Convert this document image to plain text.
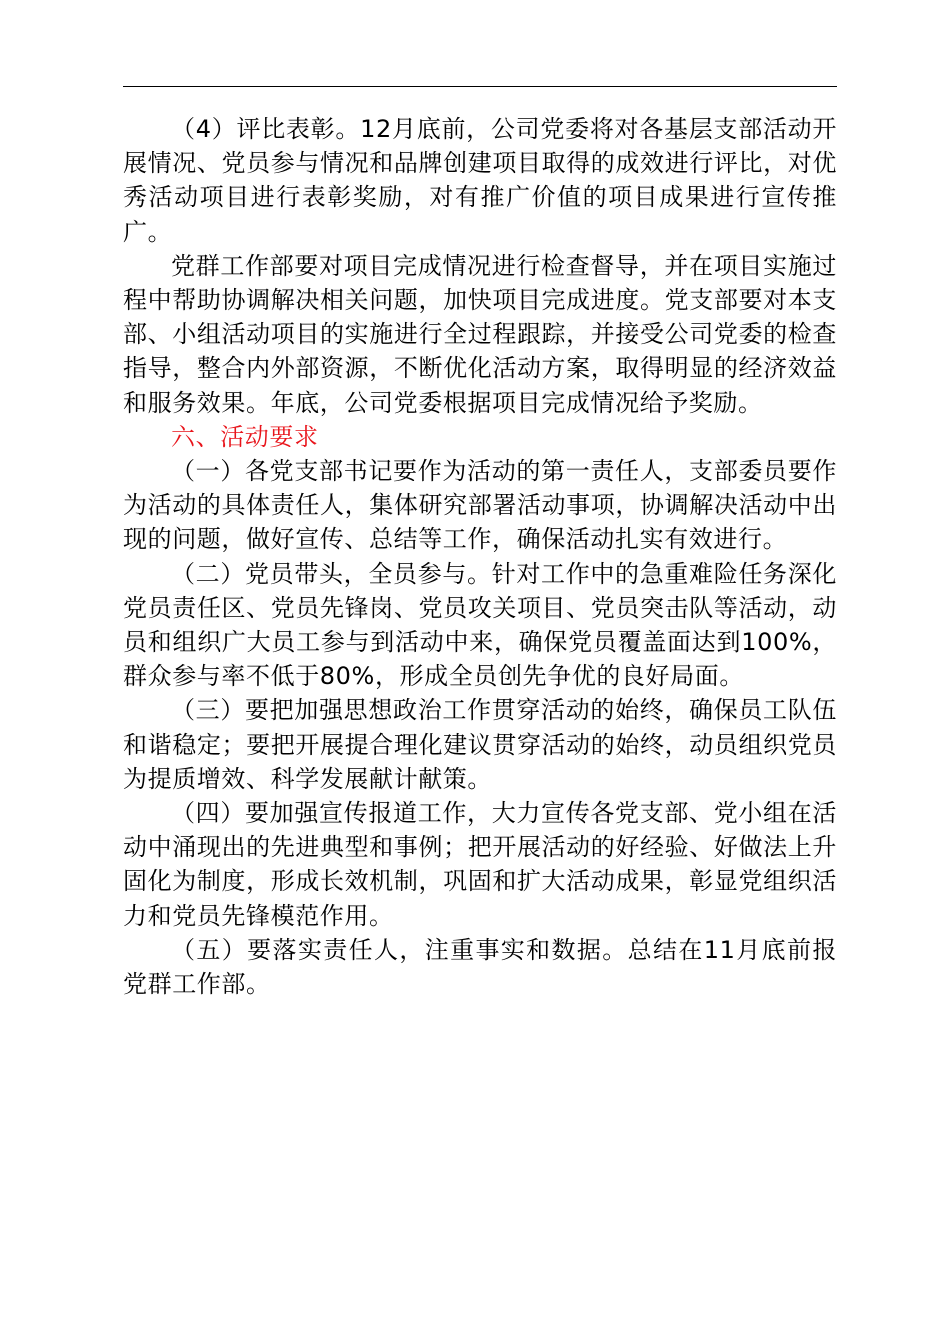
（4）评比表彰。12月底前，公司党委将对各基层支部活动开展情况、党员参与情况和品牌创建项目取得的成效进行评比，对优秀活动项目进行表彰奖励，对有推广价值的项目成果进行宣传推广。

党群工作部要对项目完成情况进行检查督导，并在项目实施过程中帮助协调解决相关问题，加快项目完成进度。党支部要对本支部、小组活动项目的实施进行全过程跟踪，并接受公司党委的检查指导，整合内外部资源，不断优化活动方案，取得明显的经济效益和服务效果。年底，公司党委根据项目完成情况给予奖励。

六、活动要求

（一）各党支部书记要作为活动的第一责任人，支部委员要作为活动的具体责任人，集体研究部署活动事项，协调解决活动中出现的问题，做好宣传、总结等工作，确保活动扎实有效进行。

（二）党员带头，全员参与。针对工作中的急重难险任务深化党员责任区、党员先锋岗、党员攻关项目、党员突击队等活动，动员和组织广大员工参与到活动中来，确保党员覆盖面达到100%，群众参与率不低于80%，形成全员创先争优的良好局面。

（三）要把加强思想政治工作贯穿活动的始终，确保员工队伍和谐稳定；要把开展提合理化建议贯穿活动的始终，动员组织党员为提质增效、科学发展献计献策。

（四）要加强宣传报道工作，大力宣传各党支部、党小组在活动中涌现出的先进典型和事例；把开展活动的好经验、好做法上升固化为制度，形成长效机制，巩固和扩大活动成果，彰显党组织活力和党员先锋模范作用。

（五）要落实责任人，注重事实和数据。总结在11月底前报党群工作部。
